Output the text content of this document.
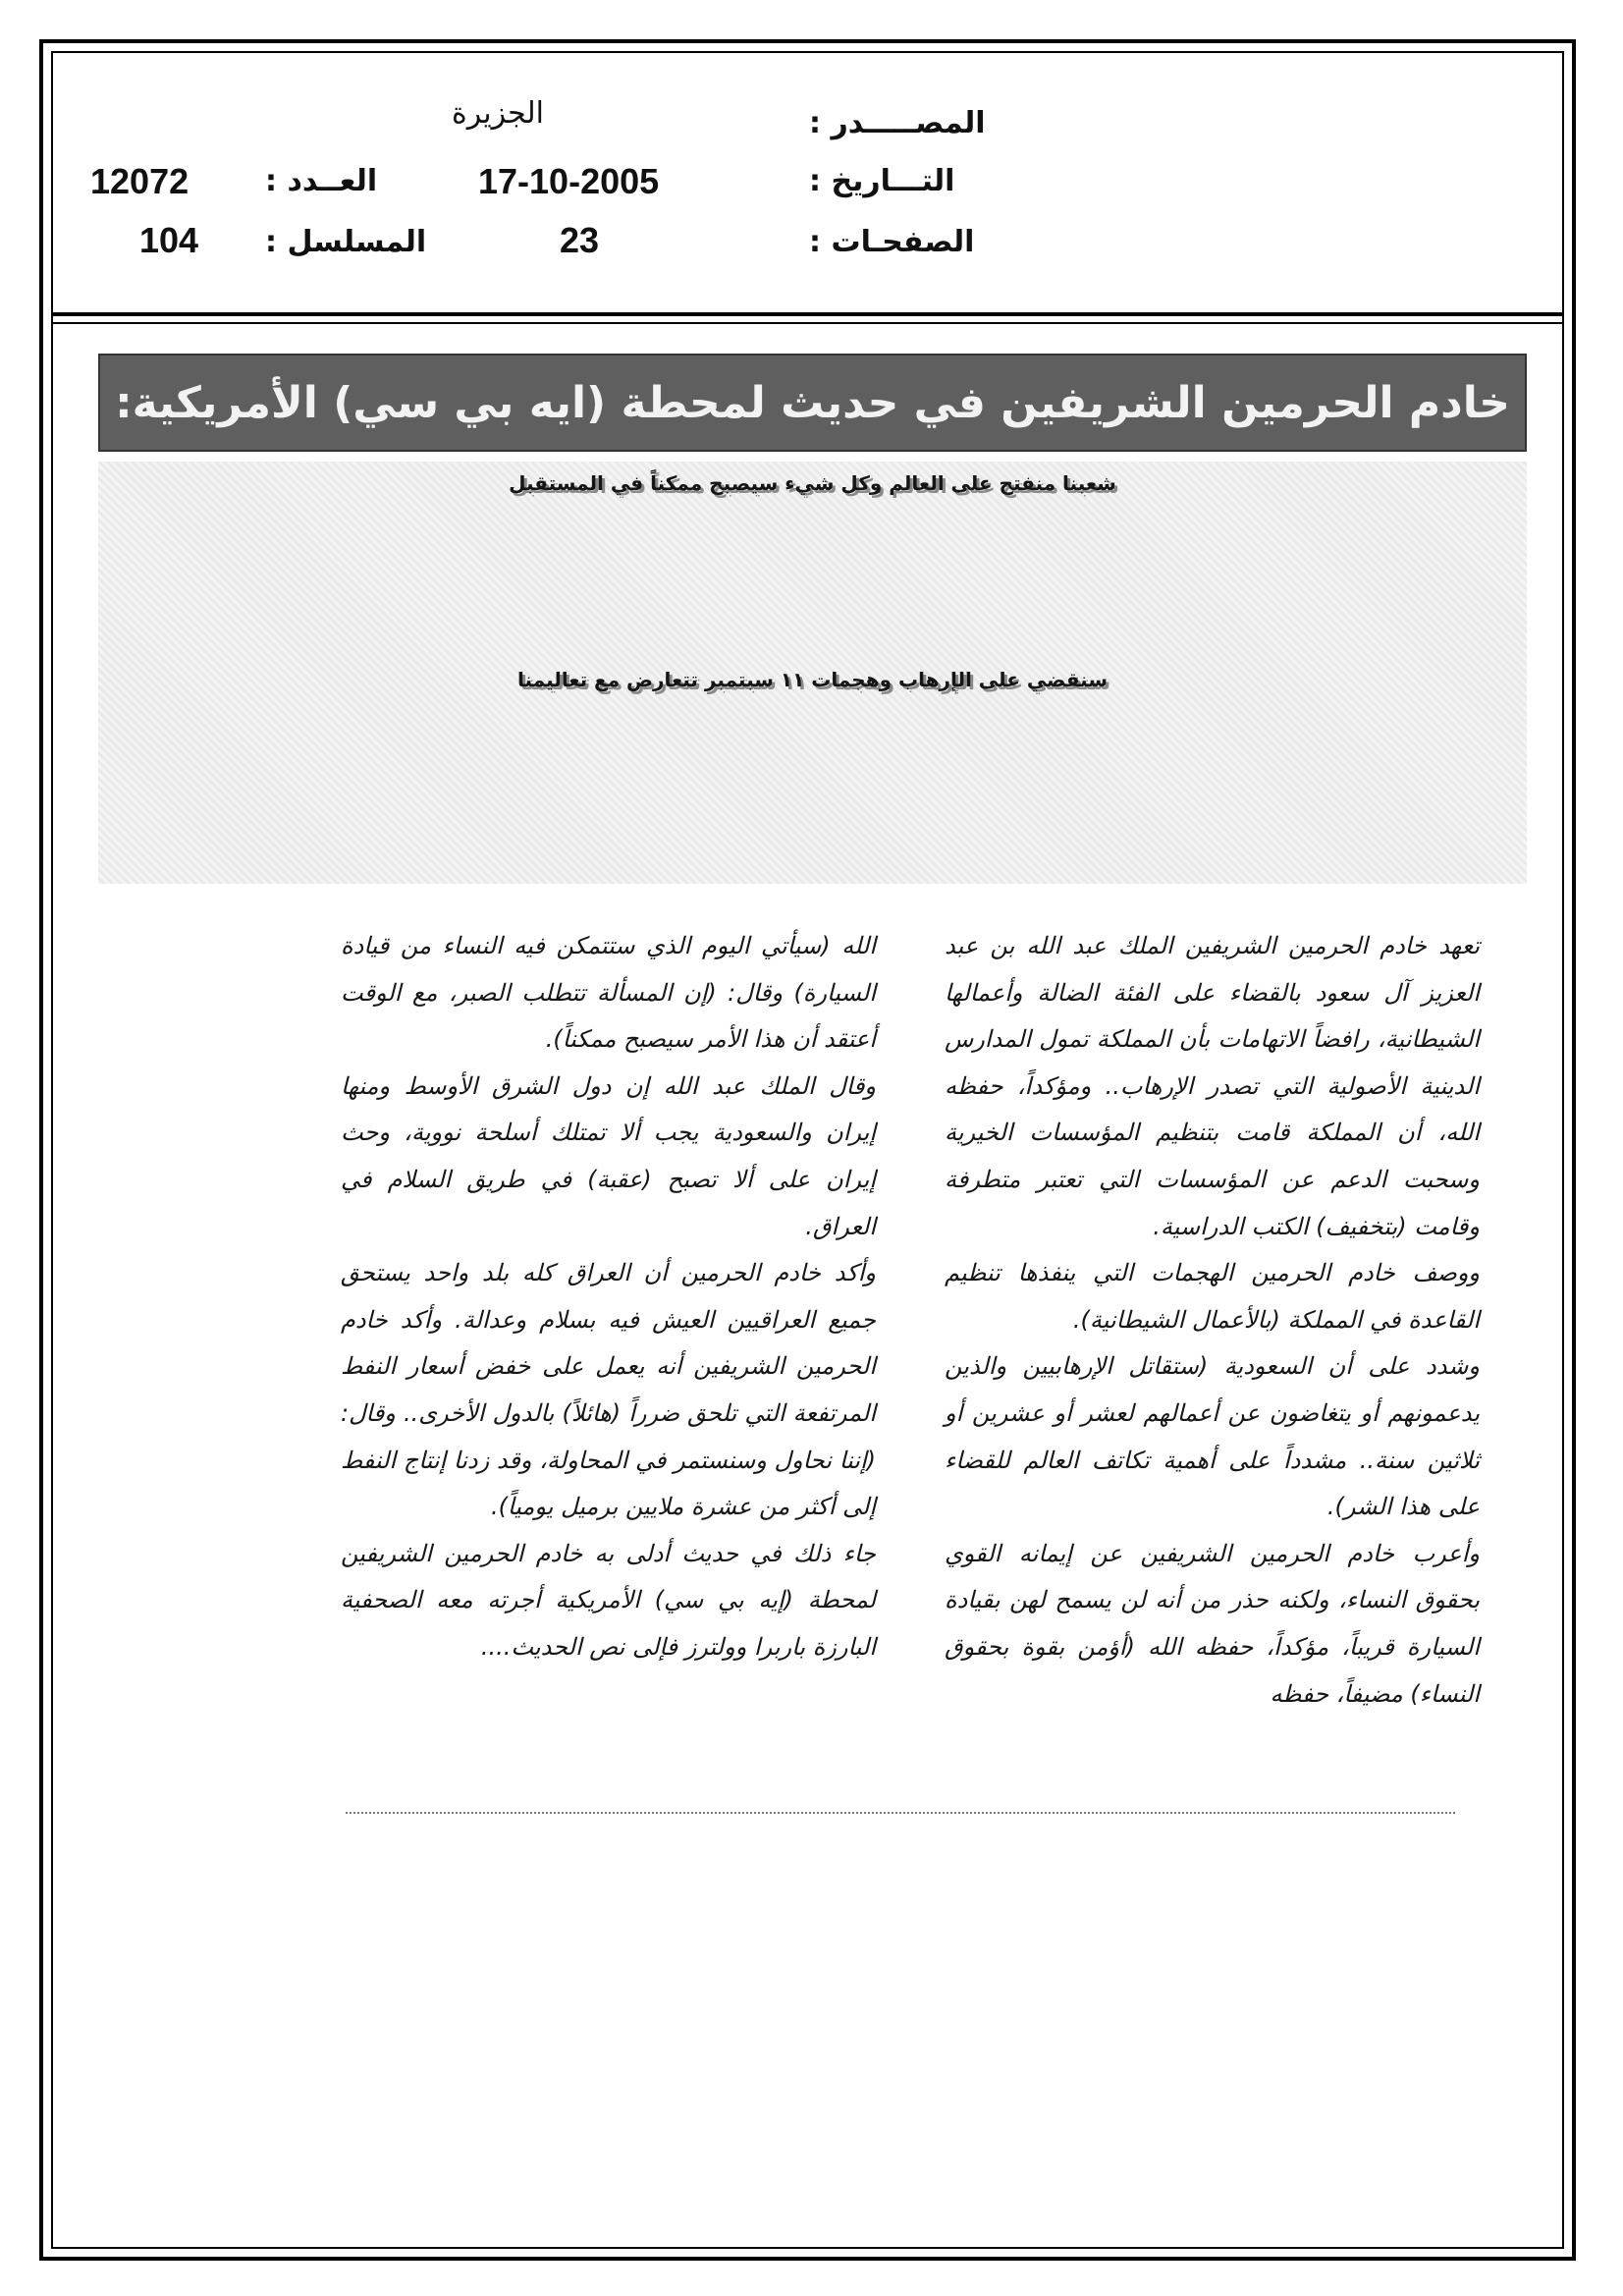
المصـــــدر :
الجزيرة
التـــاريخ :
17-10-2005
العــدد :
12072
الصفحـات :
23
المسلسل :
104
خادم الحرمين الشريفين في حديث لمحطة (ايه بي سي) الأمريكية:
شعبنا منفتح على العالم وكل شيء سيصبح ممكناً في المستقبل
سنقضي على الإرهاب وهجمات ١١ سبتمبر تتعارض مع تعاليمنا

تعهد خادم الحرمين الشريفين الملك عبد الله بن عبد العزيز آل سعود بالقضاء على الفئة الضالة وأعمالها الشيطانية، رافضاً الاتهامات بأن المملكة تمول المدارس الدينية الأصولية التي تصدر الإرهاب.. ومؤكداً، حفظه الله، أن المملكة قامت بتنظيم المؤسسات الخيرية وسحبت الدعم عن المؤسسات التي تعتبر متطرفة وقامت (بتخفيف) الكتب الدراسية.

ووصف خادم الحرمين الهجمات التي ينفذها تنظيم القاعدة في المملكة (بالأعمال الشيطانية).

وشدد على أن السعودية (ستقاتل الإرهابيين والذين يدعمونهم أو يتغاضون عن أعمالهم لعشر أو عشرين أو ثلاثين سنة.. مشدداً على أهمية تكاتف العالم للقضاء على هذا الشر).

وأعرب خادم الحرمين الشريفين عن إيمانه القوي بحقوق النساء، ولكنه حذر من أنه لن يسمح لهن بقيادة السيارة قريباً، مؤكداً، حفظه الله (أؤمن بقوة بحقوق النساء) مضيفاً، حفظه

الله (سيأتي اليوم الذي ستتمكن فيه النساء من قيادة السيارة) وقال: (إن المسألة تتطلب الصبر، مع الوقت أعتقد أن هذا الأمر سيصبح ممكناً).

وقال الملك عبد الله إن دول الشرق الأوسط ومنها إيران والسعودية يجب ألا تمتلك أسلحة نووية، وحث إيران على ألا تصبح (عقبة) في طريق السلام في العراق.

وأكد خادم الحرمين أن العراق كله بلد واحد يستحق جميع العراقيين العيش فيه بسلام وعدالة. وأكد خادم الحرمين الشريفين أنه يعمل على خفض أسعار النفط المرتفعة التي تلحق ضرراً (هائلاً) بالدول الأخرى.. وقال: (إننا نحاول وسنستمر في المحاولة، وقد زدنا إنتاج النفط إلى أكثر من عشرة ملايين برميل يومياً).

جاء ذلك في حديث أدلى به خادم الحرمين الشريفين لمحطة (إيه بي سي) الأمريكية أجرته معه الصحفية البارزة باربرا وولترز فإلى نص الحديث....
